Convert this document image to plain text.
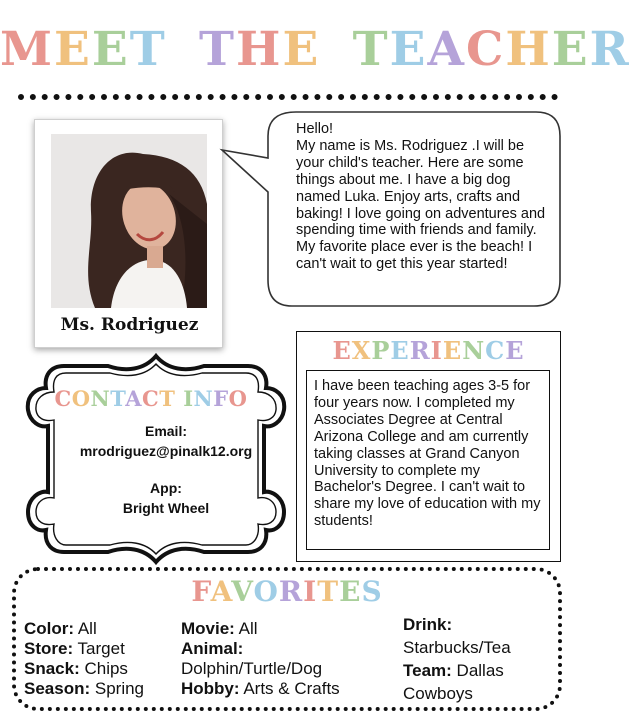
MEET THE TEACHER
Ms. Rodriguez
Hello!
My name is Ms. Rodriguez .I will be your child's teacher. Here are some things about me. I have a big dog named Luka. Enjoy arts, crafts and baking! I love going on adventures and spending time with friends and family. My favorite place ever is the beach! I can't wait to get this year started!
EXPERIENCE
I have been teaching ages 3-5 for four years now. I completed my Associates Degree at Central Arizona College and am currently taking classes at Grand Canyon University to complete my Bachelor's Degree. I can't wait to share my love of education with my students!
CONTACT INFO
Email:
mrodriguez@pinalk12.org
App:
Bright Wheel
FAVORITES
Color: All
Store: Target
Snack: Chips
Season: Spring
Movie: All
Animal:
Dolphin/Turtle/Dog
Hobby: Arts & Crafts
Drink:
Starbucks/Tea
Team: Dallas
Cowboys
